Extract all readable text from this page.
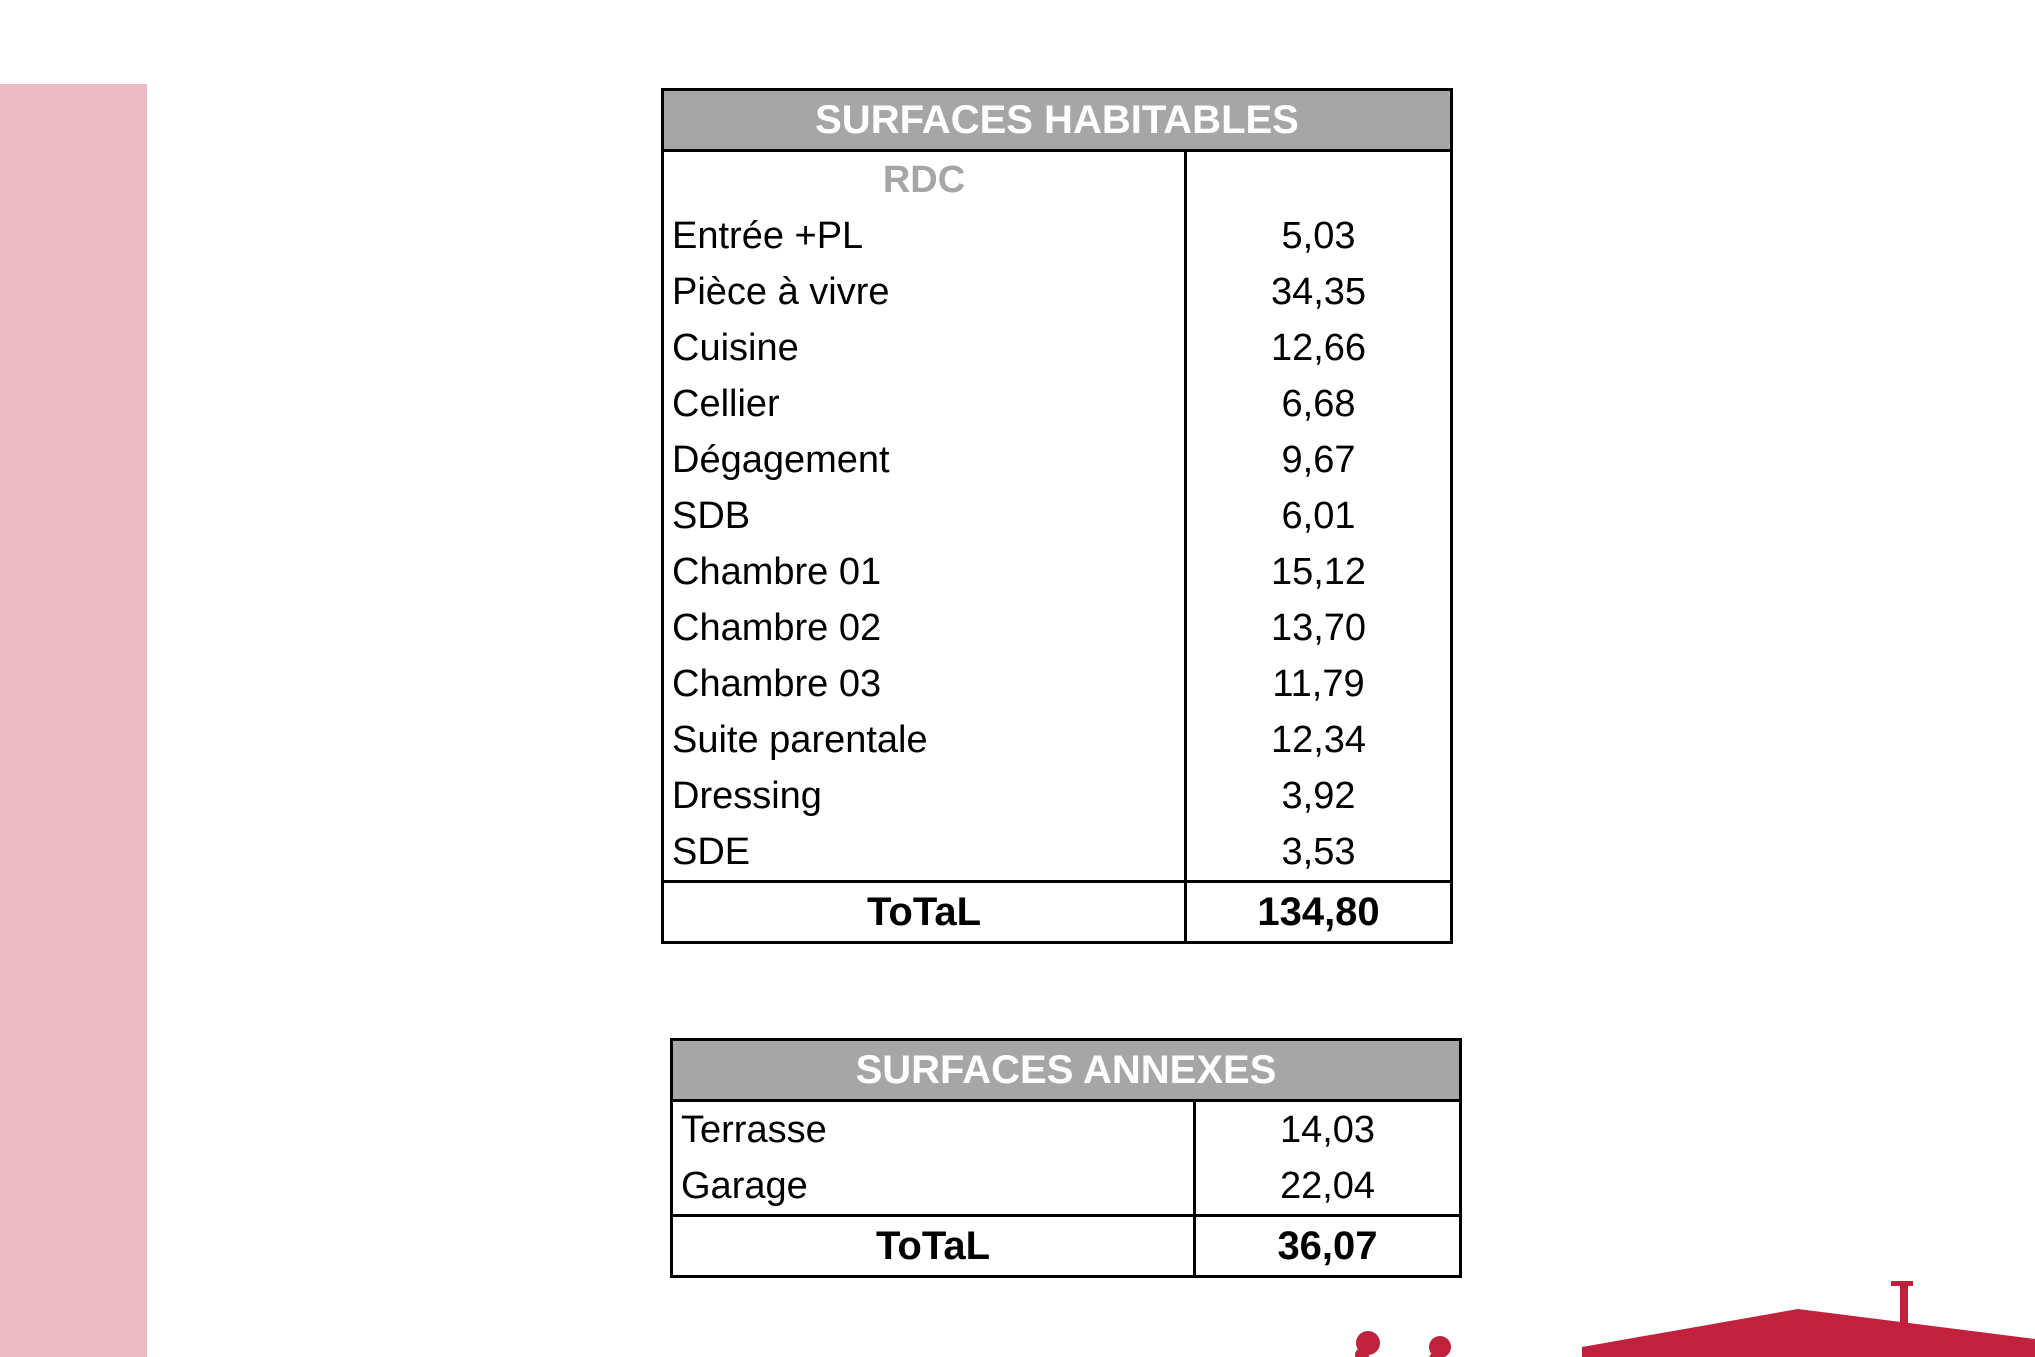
SURFACES HABITABLES
RDC
Entrée +PL
Pièce à vivre
Cuisine
Cellier
Dégagement
SDB
Chambre 01
Chambre 02
Chambre 03
Suite parentale
Dressing
SDE
5,03
34,35
12,66
6,68
9,67
6,01
15,12
13,70
11,79
12,34
3,92
3,53
ToTaL	134,80
SURFACES ANNEXES
Terrasse
Garage
14,03
22,04
ToTaL	36,07
